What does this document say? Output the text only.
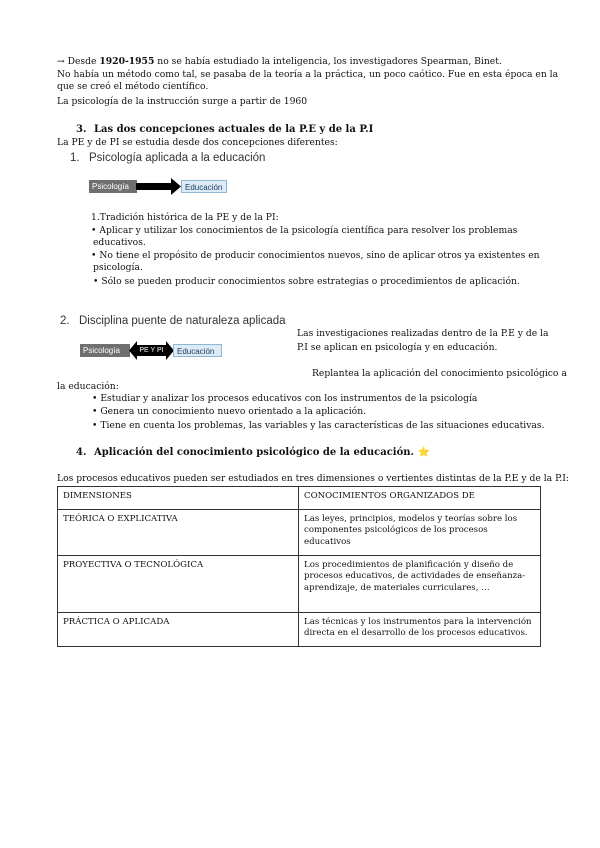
→ Desde 1920-1955 no se había estudiado la inteligencia, los investigadores Spearman, Binet.
No había un método como tal, se pasaba de la teoría a la práctica, un poco caótico. Fue en esta época en la
que se creó el método científico.
La psicología de la instrucción surge a partir de 1960
3. Las dos concepciones actuales de la P.E y de la P.I
La PE y de PI se estudia desde dos concepciones diferentes:
1. Psicología aplicada a la educación
Psicología	Educación
1.Tradición histórica de la PE y de la PI:
• Aplicar y utilizar los conocimientos de la psicología científica para resolver los problemas
educativos.
• No tiene el propósito de producir conocimientos nuevos, sino de aplicar otros ya existentes en
psicología.
• Sólo se pueden producir conocimientos sobre estrategias o procedimientos de aplicación.
2. Disciplina puente de naturaleza aplicada
Psicología	PE Y PI	Educación
Las investigaciones realizadas dentro de la P.E y de la
P.I se aplican en psicología y en educación.
Replantea la aplicación del conocimiento psicológico a
la educación:
• Estudiar y analizar los procesos educativos con los instrumentos de la psicología
• Genera un conocimiento nuevo orientado a la aplicación.
• Tiene en cuenta los problemas, las variables y las características de las situaciones educativas.
4. Aplicación del conocimiento psicológico de la educación. ⭐
Los procesos educativos pueden ser estudiados en tres dimensiones o vertientes distintas de la P.E y de la P.I:
DIMENSIONES	CONOCIMIENTOS ORGANIZADOS DE
TEÓRICA O EXPLICATIVA	Las leyes, principios, modelos y teorías sobre los componentes psicológicos de los procesos educativos
PROYECTIVA O TECNOLÓGICA	Los procedimientos de planificación y diseño de procesos educativos, de actividades de enseñanza-aprendizaje, de materiales curriculares, …
PRÁCTICA O APLICADA	Las técnicas y los instrumentos para la intervención directa en el desarrollo de los procesos educativos.
